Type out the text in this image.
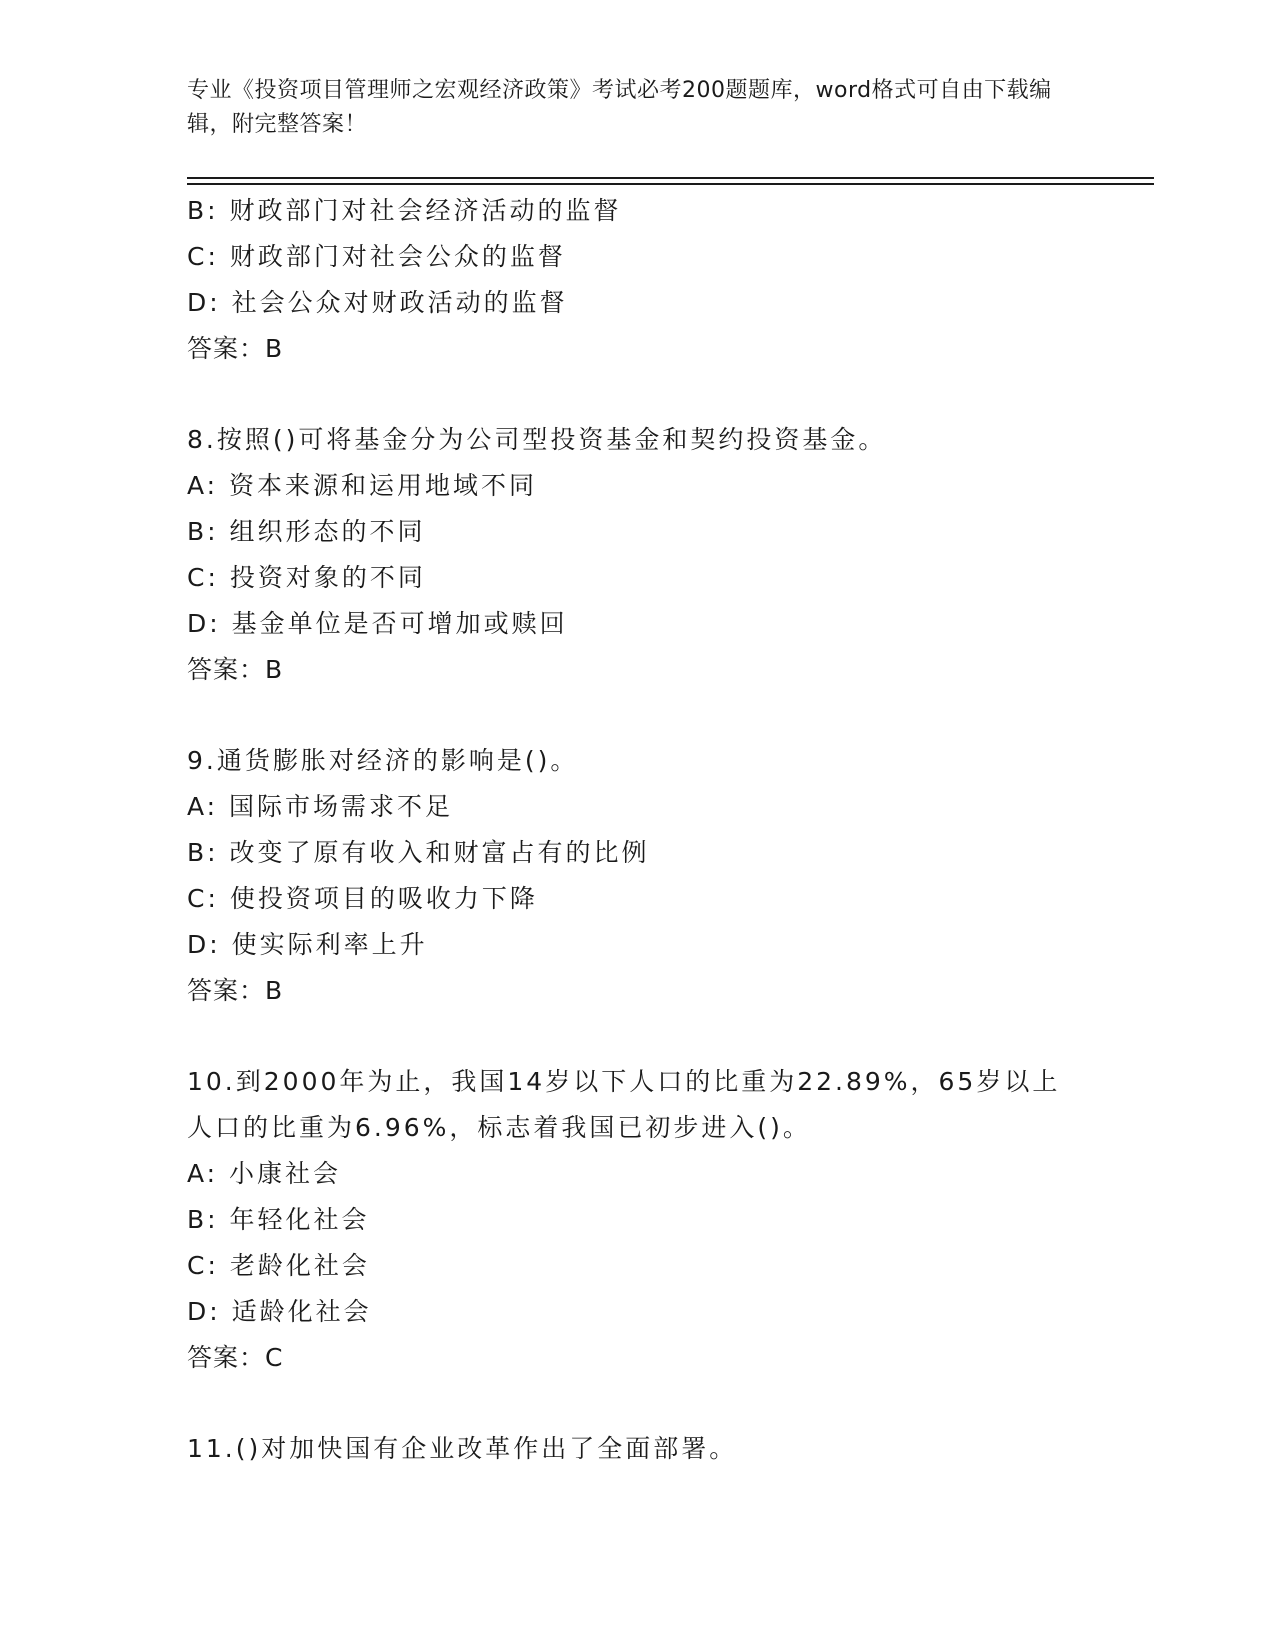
专业《投资项目管理师之宏观经济政策》考试必考200题题库，word格式可自由下载编辑，附完整答案！
B: 财政部门对社会经济活动的监督
C: 财政部门对社会公众的监督
D: 社会公众对财政活动的监督
答案：B
8.按照()可将基金分为公司型投资基金和契约投资基金。
A: 资本来源和运用地域不同
B: 组织形态的不同
C: 投资对象的不同
D: 基金单位是否可增加或赎回
答案：B
9.通货膨胀对经济的影响是()。
A: 国际市场需求不足
B: 改变了原有收入和财富占有的比例
C: 使投资项目的吸收力下降
D: 使实际利率上升
答案：B
10.到2000年为止，我国14岁以下人口的比重为22.89%，65岁以上人口的比重为6.96%，标志着我国已初步进入()。
A: 小康社会
B: 年轻化社会
C: 老龄化社会
D: 适龄化社会
答案：C
11.()对加快国有企业改革作出了全面部署。
